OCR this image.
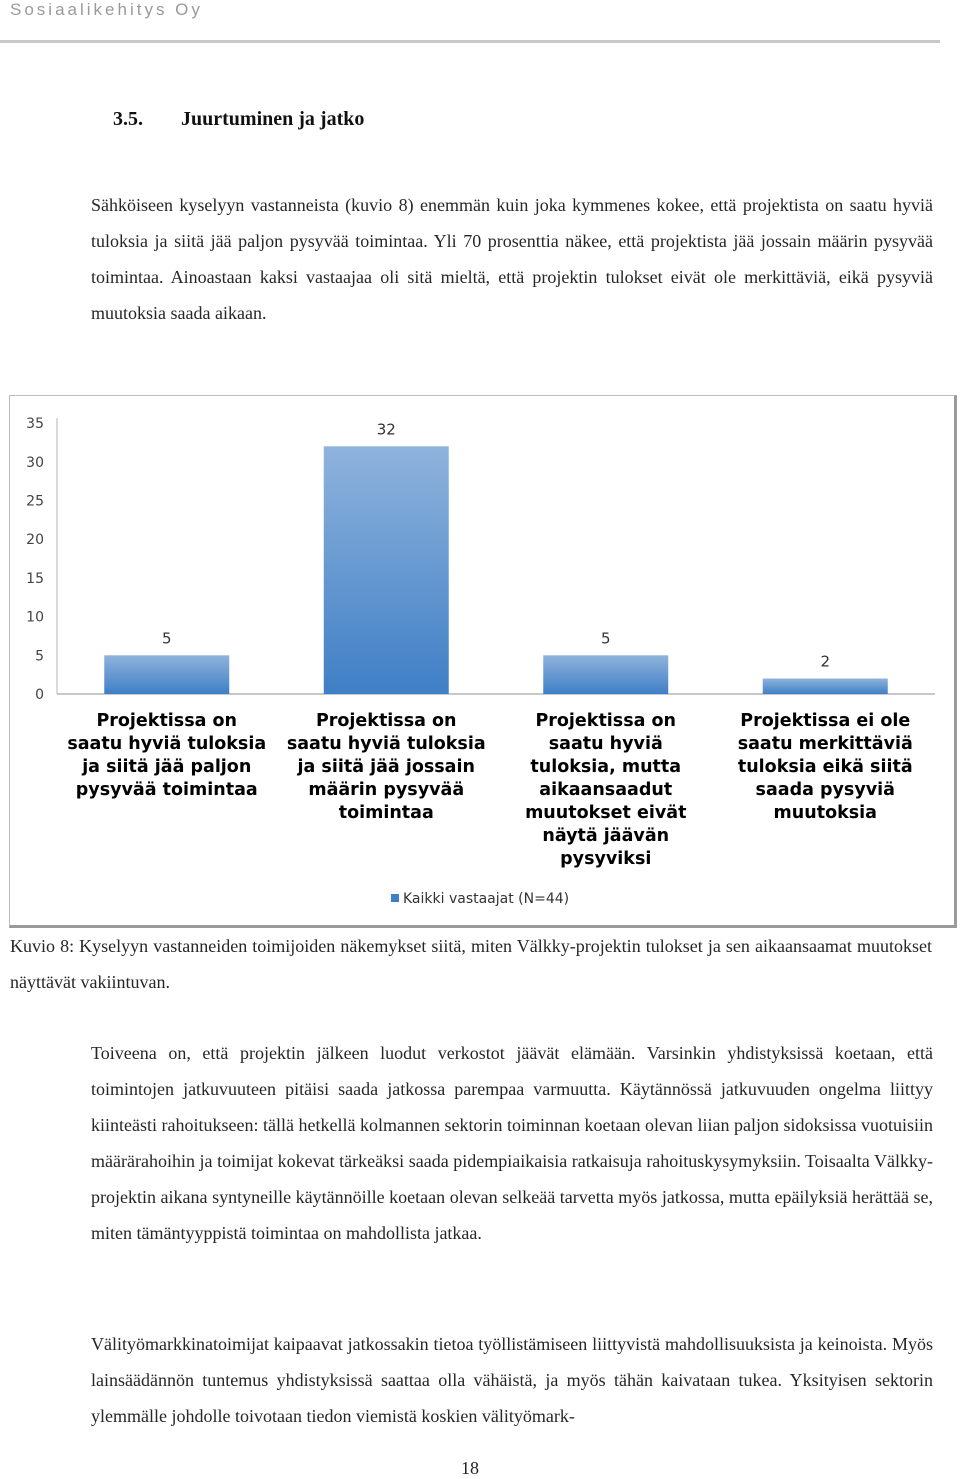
Sosiaalikehitys Oy
3.5. Juurtuminen ja jatko
Sähköiseen kyselyyn vastanneista (kuvio 8) enemmän kuin joka kymmenes kokee, että projektista on saatu hyviä tuloksia ja siitä jää paljon pysyvää toimintaa. Yli 70 prosenttia näkee, että projektista jää jossain määrin pysyvää toimintaa. Ainoastaan kaksi vastaajaa oli sitä mieltä, että projektin tulokset eivät ole merkittäviä, eikä pysyviä muutoksia saada aikaan.
0
5
10
15
20
25
30
35
5
Projektissa on
saatu hyviä tuloksia
ja siitä jää paljon
pysyvää toimintaa
32
Projektissa on
saatu hyviä tuloksia
ja siitä jää jossain
määrin pysyvää
toimintaa
5
Projektissa on
saatu hyviä
tuloksia, mutta
aikaansaadut
muutokset eivät
näytä jäävän
pysyviksi
2
Projektissa ei ole
saatu merkittäviä
tuloksia eikä siitä
saada pysyviä
muutoksia
Kaikki vastaajat (N=44)
Kuvio 8: Kyselyyn vastanneiden toimijoiden näkemykset siitä, miten Välkky-projektin tulokset ja sen aikaansaamat muutokset näyttävät vakiintuvan.
Toiveena on, että projektin jälkeen luodut verkostot jäävät elämään. Varsinkin yhdistyksissä koetaan, että toimintojen jatkuvuuteen pitäisi saada jatkossa parempaa varmuutta. Käytännössä jatkuvuuden ongelma liittyy kiinteästi rahoitukseen: tällä hetkellä kolmannen sektorin toiminnan koetaan olevan liian paljon sidoksissa vuotuisiin määrärahoihin ja toimijat kokevat tärkeäksi saada pidempiaikaisia ratkaisuja rahoituskysymyksiin. Toisaalta Välkky-projektin aikana syntyneille käytännöille koetaan olevan selkeää tarvetta myös jatkossa, mutta epäilyksiä herättää se, miten tämäntyyppistä toimintaa on mahdollista jatkaa.
Välityömarkkinatoimijat kaipaavat jatkossakin tietoa työllistämiseen liittyvistä mahdollisuuksista ja keinoista. Myös lainsäädännön tuntemus yhdistyksissä saattaa olla vähäistä, ja myös tähän kaivataan tukea. Yksityisen sektorin ylemmälle johdolle toivotaan tiedon viemistä koskien välityömark-
18
